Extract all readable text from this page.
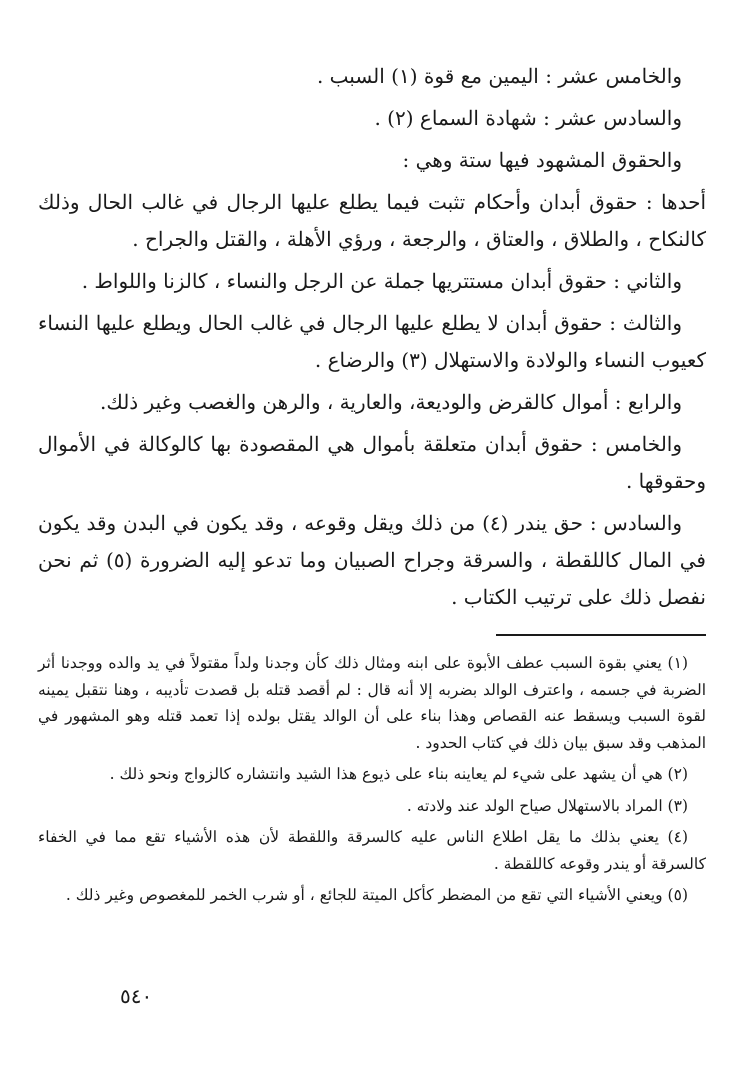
والخامس عشر : اليمين مع قوة (١) السبب .

والسادس عشر : شهادة السماع (٢) .

والحقوق المشهود فيها ستة وهي :

أحدها : حقوق أبدان وأحكام تثبت فيما يطلع عليها الرجال في غالب الحال وذلك كالنكاح ، والطلاق ، والعتاق ، والرجعة ، ورؤي الأهلة ، والقتل والجراح .

والثاني : حقوق أبدان مستتريها جملة عن الرجل والنساء ، كالزنا واللواط .

والثالث : حقوق أبدان لا يطلع عليها الرجال في غالب الحال ويطلع عليها النساء كعيوب النساء والولادة والاستهلال (٣) والرضاع .

والرابع : أموال كالقرض والوديعة، والعارية ، والرهن والغصب وغير ذلك.

والخامس : حقوق أبدان متعلقة بأموال هي المقصودة بها كالوكالة في الأموال وحقوقها .

والسادس : حق يندر (٤) من ذلك ويقل وقوعه ، وقد يكون في البدن وقد يكون في المال كاللقطة ، والسرقة وجراح الصبيان وما تدعو إليه الضرورة (٥) ثم نحن نفصل ذلك على ترتيب الكتاب .

(١) يعني بقوة السبب عطف الأبوة على ابنه ومثال ذلك كأن وجدنا ولداً مقتولاً في يد والده ووجدنا أثر الضربة في جسمه ، واعترف الوالد بضربه إلا أنه قال : لم أقصد قتله بل قصدت تأديبه ، وهنا نتقبل يمينه لقوة السبب ويسقط عنه القصاص وهذا بناء على أن الوالد يقتل بولده إذا تعمد قتله وهو المشهور في المذهب وقد سبق بيان ذلك في كتاب الحدود .

(٢) هي أن يشهد على شيء لم يعاينه بناء على ذيوع هذا الشيد وانتشاره كالزواج ونحو ذلك .

(٣) المراد بالاستهلال صياح الولد عند ولادته .

(٤) يعني بذلك ما يقل اطلاع الناس عليه كالسرقة واللقطة لأن هذه الأشياء تقع مما في الخفاء كالسرقة أو يندر وقوعه كاللقطة .

(٥) ويعني الأشياء التي تقع من المضطر كأكل الميتة للجائع ، أو شرب الخمر للمغصوص وغير ذلك .

٥٤٠
